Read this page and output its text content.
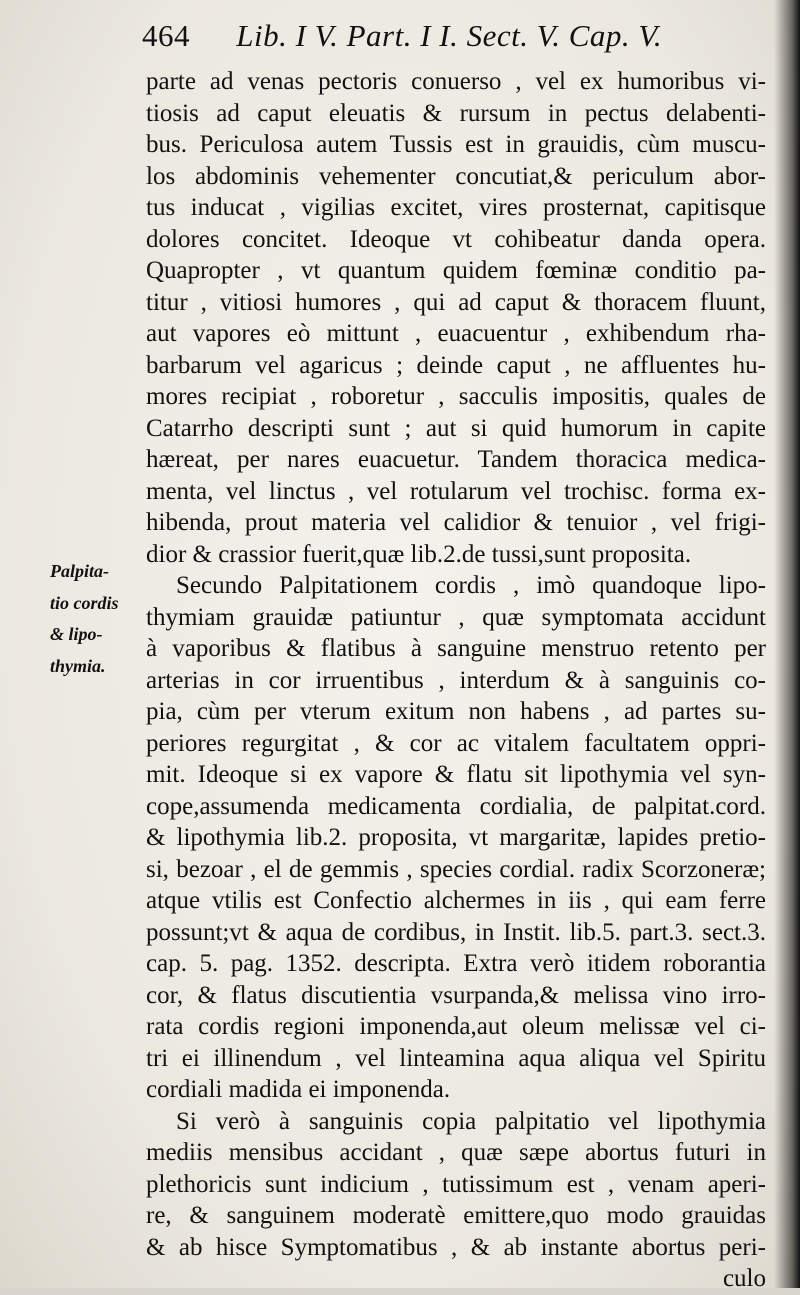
464 Lib. I V. Part. I I. Sect. V. Cap. V.
Palpita-
tio cordis
& lipo-
thymia.
parte ad venas pectoris conuerso , vel ex humoribus vi-
tiosis ad caput eleuatis & rursum in pectus delabenti-
bus. Periculosa autem Tussis est in grauidis, cùm muscu-
los abdominis vehementer concutiat,& periculum abor-
tus inducat , vigilias excitet, vires prosternat, capitisque
dolores concitet. Ideoque vt cohibeatur danda opera.
Quapropter , vt quantum quidem fœminæ conditio pa-
titur , vitiosi humores , qui ad caput & thoracem fluunt,
aut vapores eò mittunt , euacuentur , exhibendum rha-
barbarum vel agaricus ; deinde caput , ne affluentes hu-
mores recipiat , roboretur , sacculis impositis, quales de
Catarrho descripti sunt ; aut si quid humorum in capite
hæreat, per nares euacuetur. Tandem thoracica medica-
menta, vel linctus , vel rotularum vel trochisc. forma ex-
hibenda, prout materia vel calidior & tenuior , vel frigi-
dior & crassior fuerit,quæ lib.2.de tussi,sunt proposita.
Secundo Palpitationem cordis , imò quandoque lipo-
thymiam grauidæ patiuntur , quæ symptomata accidunt
à vaporibus & flatibus à sanguine menstruo retento per
arterias in cor irruentibus , interdum & à sanguinis co-
pia, cùm per vterum exitum non habens , ad partes su-
periores regurgitat , & cor ac vitalem facultatem oppri-
mit. Ideoque si ex vapore & flatu sit lipothymia vel syn-
cope,assumenda medicamenta cordialia, de palpitat.cord.
& lipothymia lib.2. proposita, vt margaritæ, lapides pretio-
si, bezoar , el de gemmis , species cordial. radix Scorzoneræ;
atque vtilis est Confectio alchermes in iis , qui eam ferre
possunt;vt & aqua de cordibus, in Instit. lib.5. part.3. sect.3.
cap. 5. pag. 1352. descripta. Extra verò itidem roborantia
cor, & flatus discutientia vsurpanda,& melissa vino irro-
rata cordis regioni imponenda,aut oleum melissæ vel ci-
tri ei illinendum , vel linteamina aqua aliqua vel Spiritu
cordiali madida ei imponenda.
Si verò à sanguinis copia palpitatio vel lipothymia
mediis mensibus accidant , quæ sæpe abortus futuri in
plethoricis sunt indicium , tutissimum est , venam aperi-
re, & sanguinem moderatè emittere,quo modo grauidas
& ab hisce Symptomatibus , & ab instante abortus peri-
culo
